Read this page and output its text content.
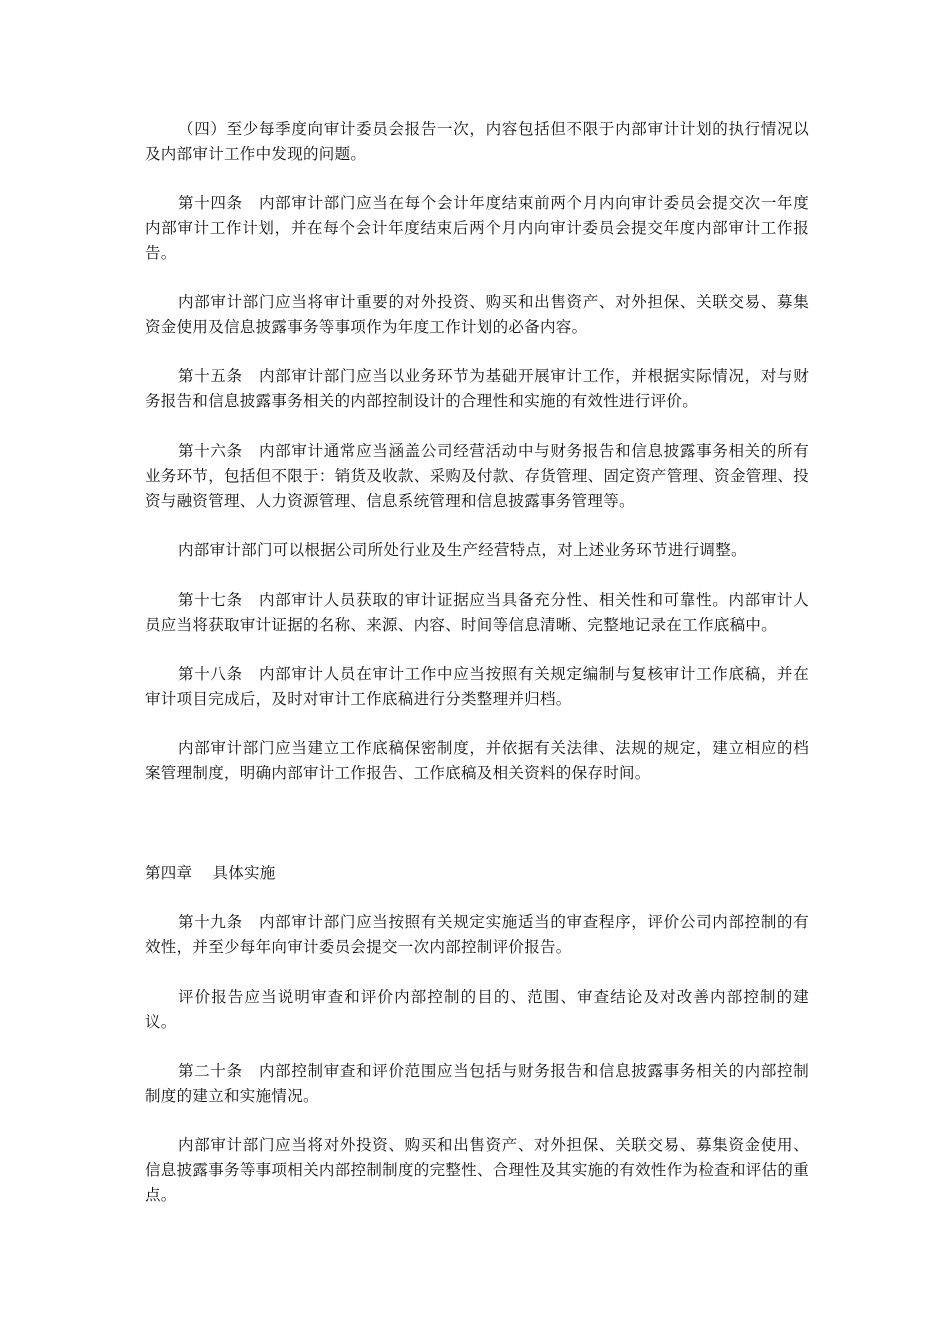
（四）至少每季度向审计委员会报告一次，内容包括但不限于内部审计计划的执行情况以及内部审计工作中发现的问题。

第十四条　内部审计部门应当在每个会计年度结束前两个月内向审计委员会提交次一年度内部审计工作计划，并在每个会计年度结束后两个月内向审计委员会提交年度内部审计工作报告。

内部审计部门应当将审计重要的对外投资、购买和出售资产、对外担保、关联交易、募集资金使用及信息披露事务等事项作为年度工作计划的必备内容。

第十五条　内部审计部门应当以业务环节为基础开展审计工作，并根据实际情况，对与财务报告和信息披露事务相关的内部控制设计的合理性和实施的有效性进行评价。

第十六条　内部审计通常应当涵盖公司经营活动中与财务报告和信息披露事务相关的所有业务环节，包括但不限于：销货及收款、采购及付款、存货管理、固定资产管理、资金管理、投资与融资管理、人力资源管理、信息系统管理和信息披露事务管理等。

内部审计部门可以根据公司所处行业及生产经营特点，对上述业务环节进行调整。

第十七条　内部审计人员获取的审计证据应当具备充分性、相关性和可靠性。内部审计人员应当将获取审计证据的名称、来源、内容、时间等信息清晰、完整地记录在工作底稿中。

第十八条　内部审计人员在审计工作中应当按照有关规定编制与复核审计工作底稿，并在审计项目完成后，及时对审计工作底稿进行分类整理并归档。

内部审计部门应当建立工作底稿保密制度，并依据有关法律、法规的规定，建立相应的档案管理制度，明确内部审计工作报告、工作底稿及相关资料的保存时间。

第四章 具体实施

第十九条　内部审计部门应当按照有关规定实施适当的审查程序，评价公司内部控制的有效性，并至少每年向审计委员会提交一次内部控制评价报告。

评价报告应当说明审查和评价内部控制的目的、范围、审查结论及对改善内部控制的建议。

第二十条　内部控制审查和评价范围应当包括与财务报告和信息披露事务相关的内部控制制度的建立和实施情况。

内部审计部门应当将对外投资、购买和出售资产、对外担保、关联交易、募集资金使用、信息披露事务等事项相关内部控制制度的完整性、合理性及其实施的有效性作为检查和评估的重点。
